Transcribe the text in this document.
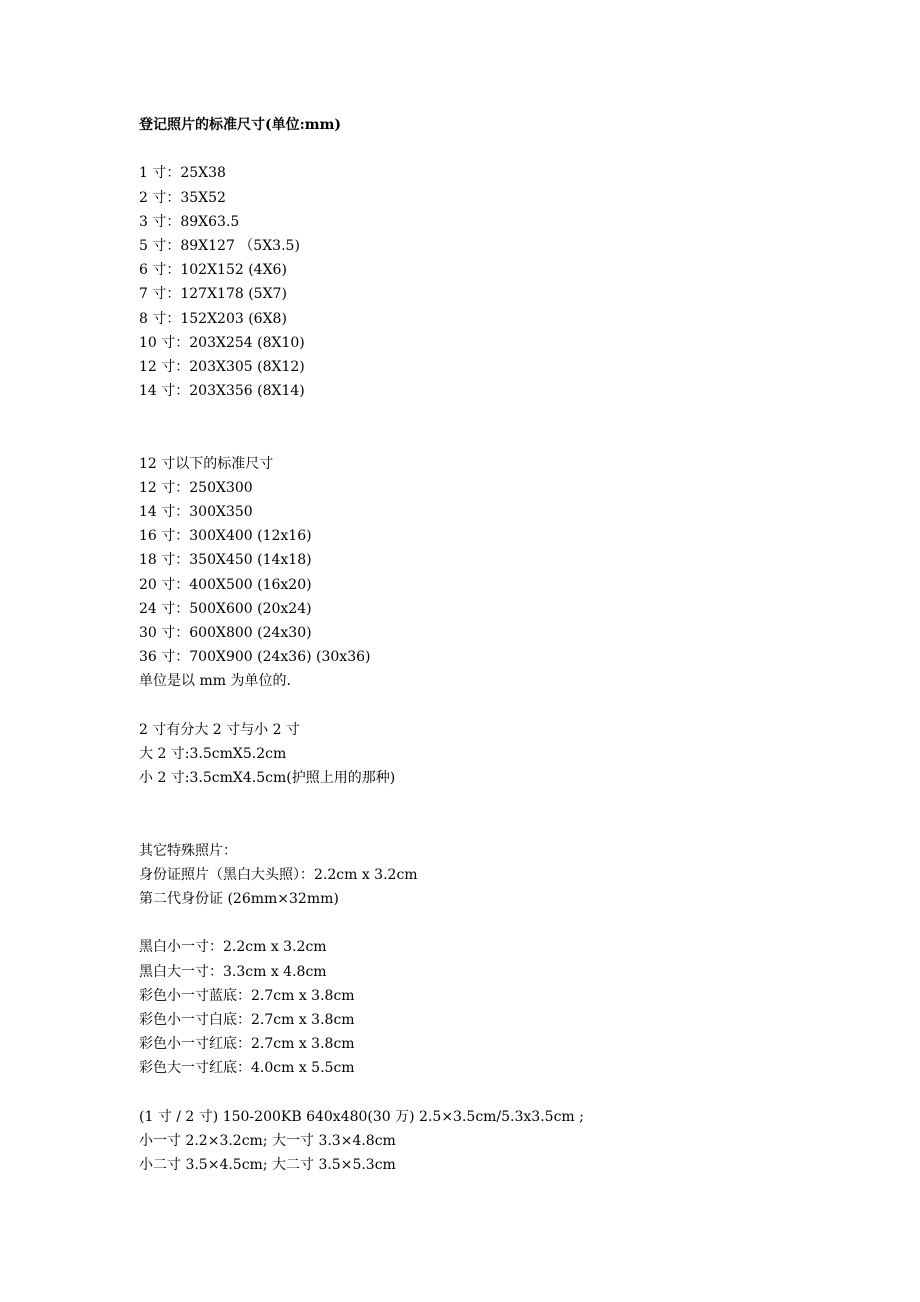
登记照片的标准尺寸(单位:mm)
1 寸：25X38
2 寸：35X52
3 寸：89X63.5
5 寸：89X127 （5X3.5)
6 寸：102X152 (4X6)
7 寸：127X178 (5X7)
8 寸：152X203 (6X8)
10 寸：203X254 (8X10)
12 寸：203X305 (8X12)
14 寸：203X356 (8X14)
12 寸以下的标准尺寸
12 寸：250X300
14 寸：300X350
16 寸：300X400 (12x16)
18 寸：350X450 (14x18)
20 寸：400X500 (16x20)
24 寸：500X600 (20x24)
30 寸：600X800 (24x30)
36 寸：700X900 (24x36) (30x36)
单位是以 mm 为单位的.
2 寸有分大 2 寸与小 2 寸
大 2 寸:3.5cmX5.2cm
小 2 寸:3.5cmX4.5cm(护照上用的那种)
其它特殊照片：
身份证照片（黑白大头照）：2.2cm x 3.2cm
第二代身份证 (26mm×32mm)
黑白小一寸：2.2cm x 3.2cm
黑白大一寸：3.3cm x 4.8cm
彩色小一寸蓝底：2.7cm x 3.8cm
彩色小一寸白底：2.7cm x 3.8cm
彩色小一寸红底：2.7cm x 3.8cm
彩色大一寸红底：4.0cm x 5.5cm
(1 寸 / 2 寸) 150-200KB 640x480(30 万) 2.5×3.5cm/5.3x3.5cm ;
小一寸 2.2×3.2cm; 大一寸 3.3×4.8cm
小二寸 3.5×4.5cm; 大二寸 3.5×5.3cm
